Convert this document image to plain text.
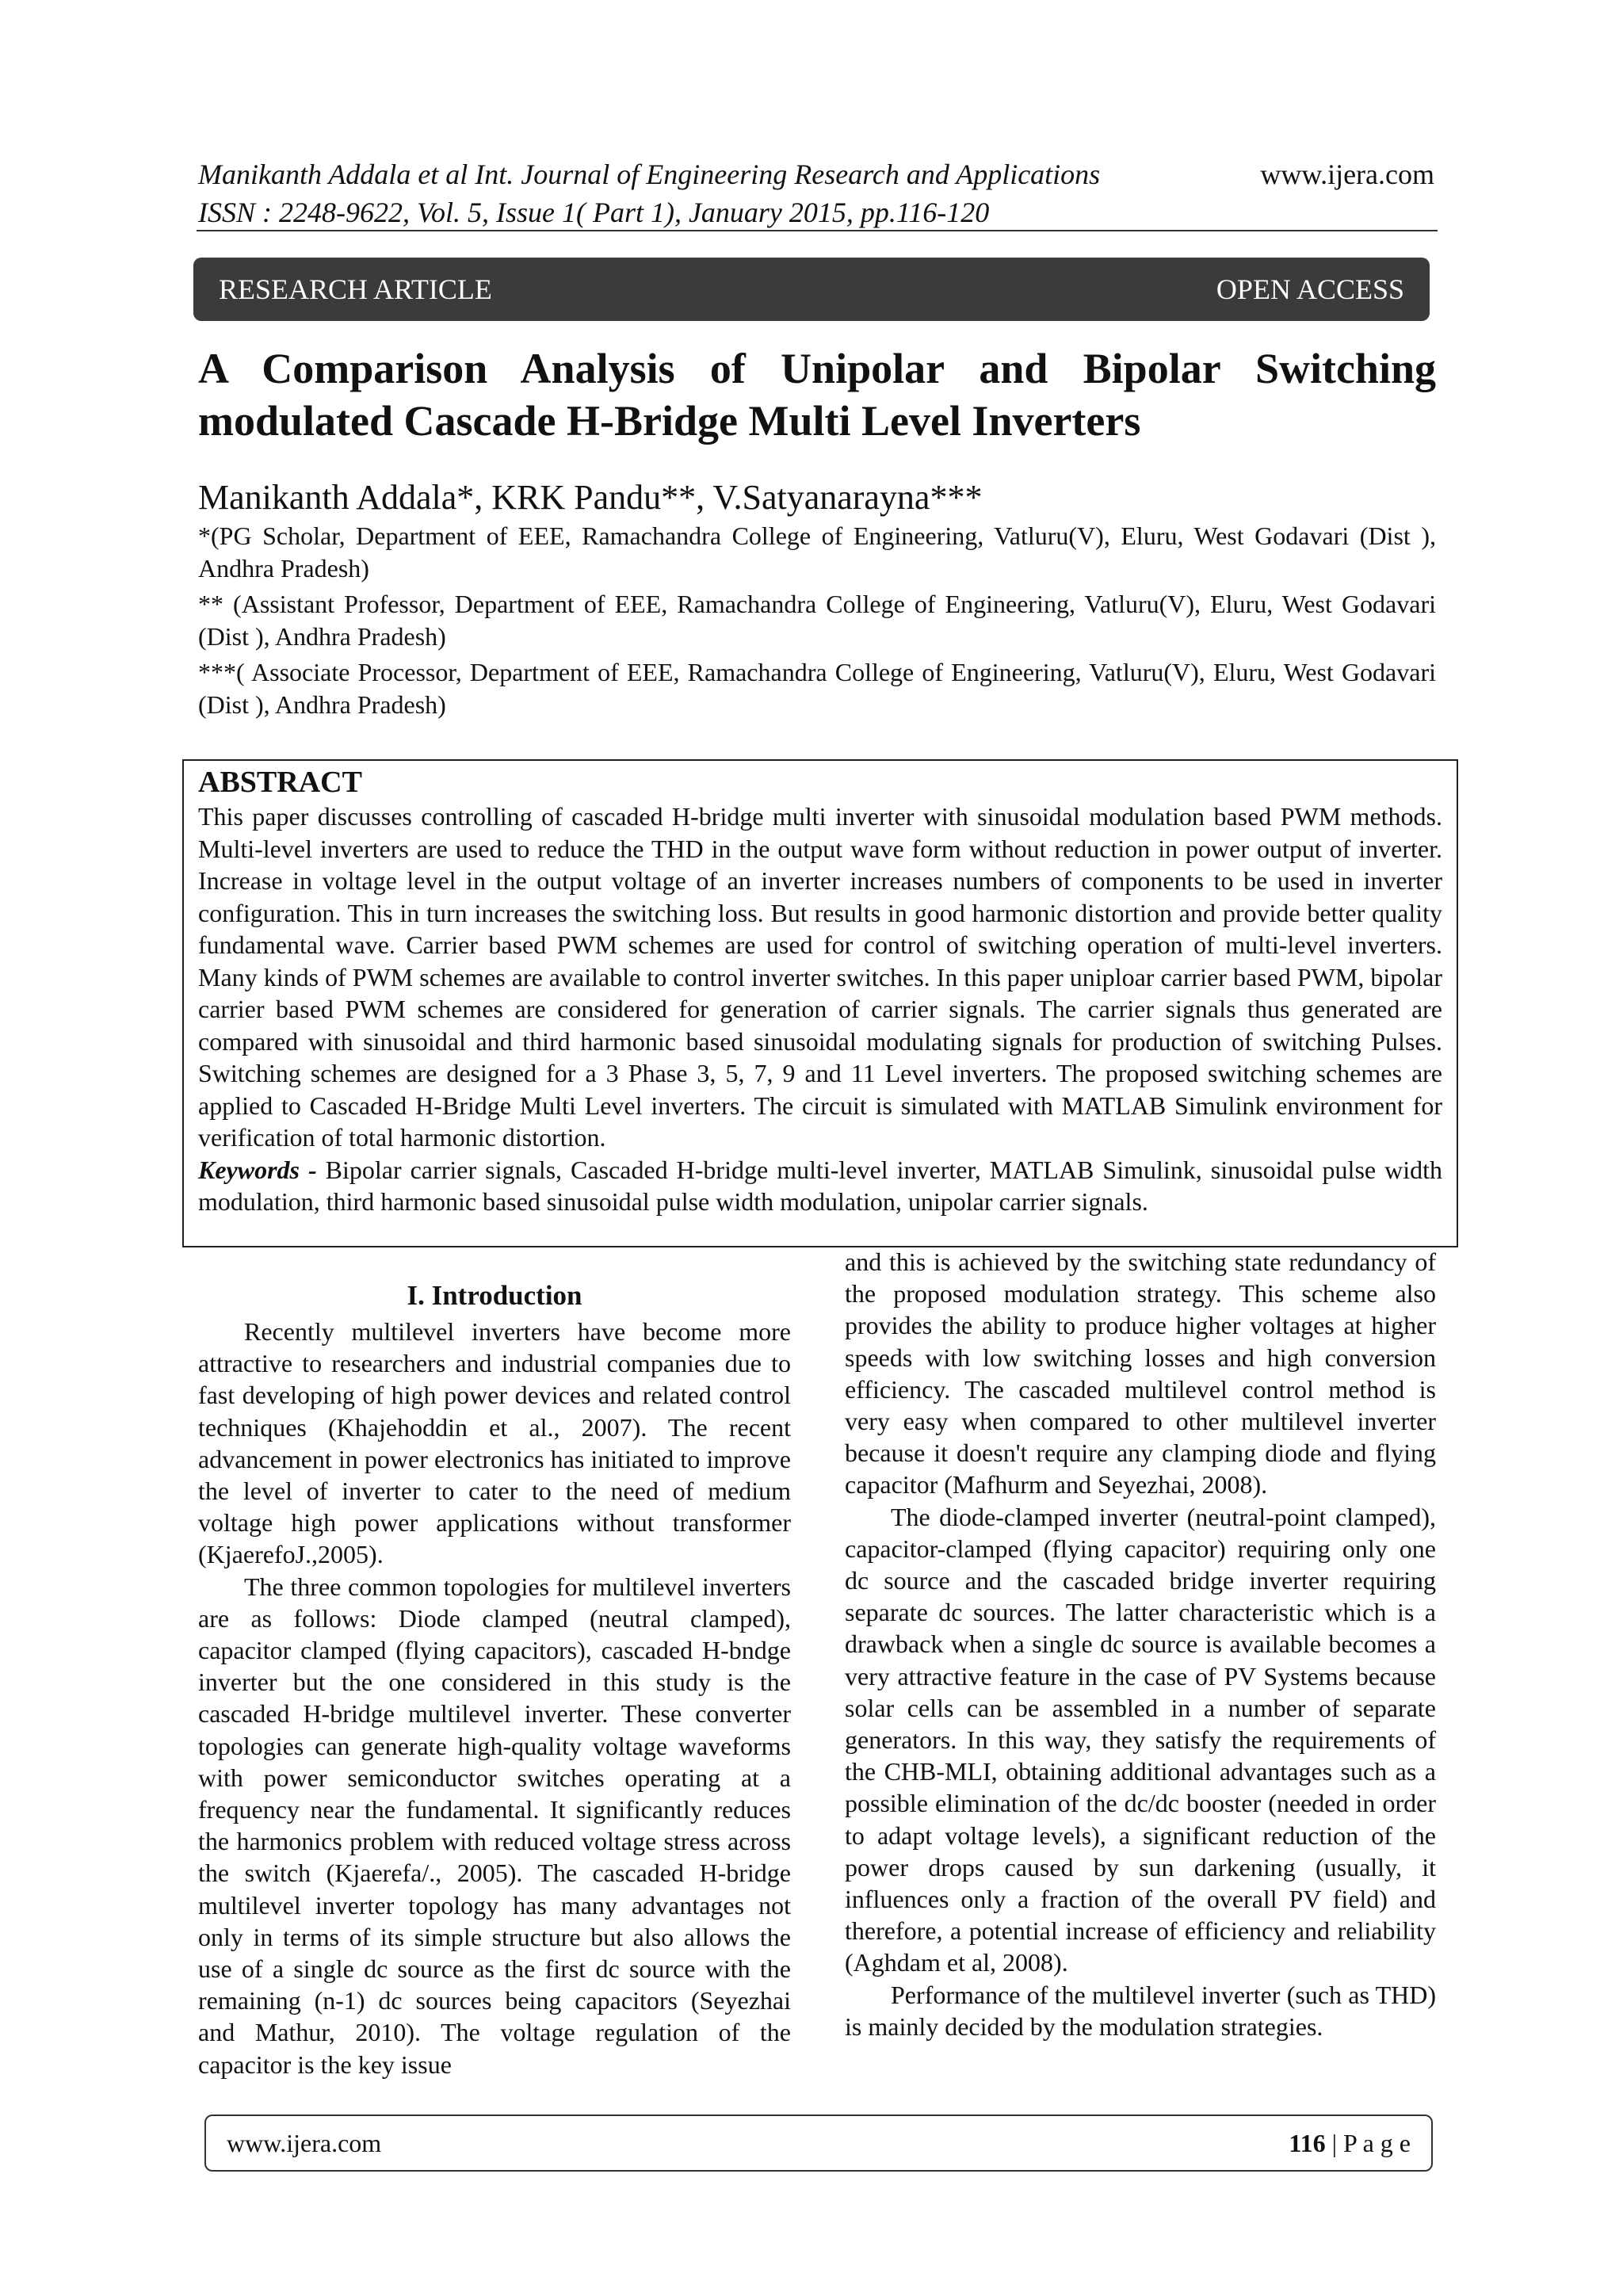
Manikanth Addala et al Int. Journal of Engineering Research and Applications
ISSN : 2248-9622, Vol. 5, Issue 1( Part 1), January 2015, pp.116-120
www.ijera.com
RESEARCH ARTICLE	OPEN ACCESS
A Comparison Analysis of Unipolar and Bipolar Switching modulated Cascade H-Bridge Multi Level Inverters
Manikanth Addala*, KRK Pandu**, V.Satyanarayna***

*(PG Scholar, Department of EEE, Ramachandra College of Engineering, Vatluru(V), Eluru, West Godavari (Dist ), Andhra Pradesh)

** (Assistant Professor, Department of EEE, Ramachandra College of Engineering, Vatluru(V), Eluru, West Godavari (Dist ), Andhra Pradesh)

***( Associate Processor, Department of EEE, Ramachandra College of Engineering, Vatluru(V), Eluru, West Godavari (Dist ), Andhra Pradesh)

ABSTRACT

This paper discusses controlling of cascaded H-bridge multi inverter with sinusoidal modulation based PWM methods. Multi-level inverters are used to reduce the THD in the output wave form without reduction in power output of inverter. Increase in voltage level in the output voltage of an inverter increases numbers of components to be used in inverter configuration. This in turn increases the switching loss. But results in good harmonic distortion and provide better quality fundamental wave. Carrier based PWM schemes are used for control of switching operation of multi-level inverters. Many kinds of PWM schemes are available to control inverter switches. In this paper uniploar carrier based PWM, bipolar carrier based PWM schemes are considered for generation of carrier signals. The carrier signals thus generated are compared with sinusoidal and third harmonic based sinusoidal modulating signals for production of switching Pulses. Switching schemes are designed for a 3 Phase 3, 5, 7, 9 and 11 Level inverters. The proposed switching schemes are applied to Cascaded H-Bridge Multi Level inverters. The circuit is simulated with MATLAB Simulink environment for verification of total harmonic distortion.

Keywords - Bipolar carrier signals, Cascaded H-bridge multi-level inverter, MATLAB Simulink, sinusoidal pulse width modulation, third harmonic based sinusoidal pulse width modulation, unipolar carrier signals.

I. Introduction

Recently multilevel inverters have become more attractive to researchers and industrial companies due to fast developing of high power devices and related control techniques (Khajehoddin et al., 2007). The recent advancement in power electronics has initiated to improve the level of inverter to cater to the need of medium voltage high power applications without transformer (KjaerefoJ.,2005).

The three common topologies for multilevel inverters are as follows: Diode clamped (neutral clamped), capacitor clamped (flying capacitors), cascaded H-bndge inverter but the one considered in this study is the cascaded H-bridge multilevel inverter. These converter topologies can generate high-quality voltage waveforms with power semiconductor switches operating at a frequency near the fundamental. It significantly reduces the harmonics problem with reduced voltage stress across the switch (Kjaerefa/., 2005). The cascaded H-bridge multilevel inverter topology has many advantages not only in terms of its simple structure but also allows the use of a single dc source as the first dc source with the remaining (n-1) dc sources being capacitors (Seyezhai and Mathur, 2010). The voltage regulation of the capacitor is the key issue

and this is achieved by the switching state redundancy of the proposed modulation strategy. This scheme also provides the ability to produce higher voltages at higher speeds with low switching losses and high conversion efficiency. The cascaded multilevel control method is very easy when compared to other multilevel inverter because it doesn't require any clamping diode and flying capacitor (Mafhurm and Seyezhai, 2008).

The diode-clamped inverter (neutral-point clamped), capacitor-clamped (flying capacitor) requiring only one dc source and the cascaded bridge inverter requiring separate dc sources. The latter characteristic which is a drawback when a single dc source is available becomes a very attractive feature in the case of PV Systems because solar cells can be assembled in a number of separate generators. In this way, they satisfy the requirements of the CHB-MLI, obtaining additional advantages such as a possible elimination of the dc/dc booster (needed in order to adapt voltage levels), a significant reduction of the power drops caused by sun darkening (usually, it influences only a fraction of the overall PV field) and therefore, a potential increase of efficiency and reliability (Aghdam et al, 2008).

Performance of the multilevel inverter (such as THD) is mainly decided by the modulation strategies.

www.ijera.com	116 | P a g e
